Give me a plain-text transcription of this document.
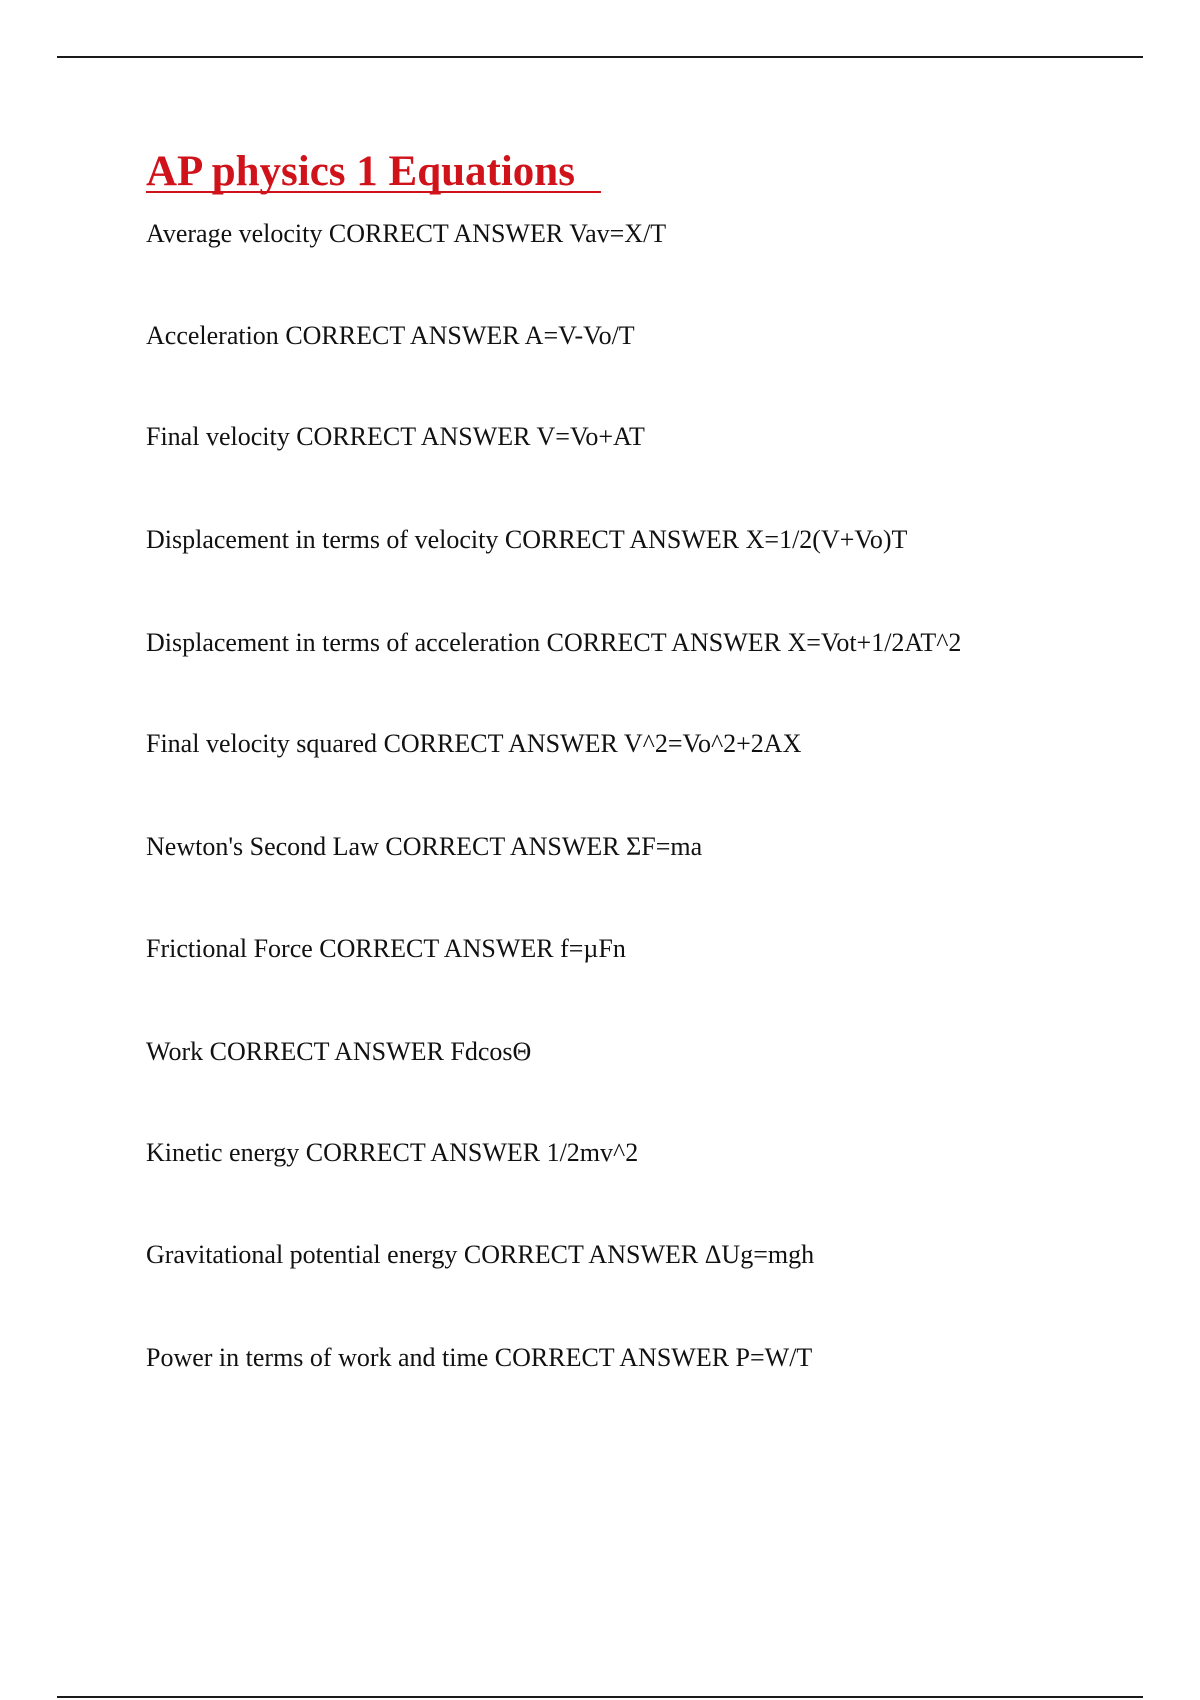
AP physics 1 Equations
Average velocity CORRECT ANSWER Vav=X/T
Acceleration CORRECT ANSWER A=V-Vo/T
Final velocity CORRECT ANSWER V=Vo+AT
Displacement in terms of velocity CORRECT ANSWER X=1/2(V+Vo)T
Displacement in terms of acceleration CORRECT ANSWER X=Vot+1/2AT^2
Final velocity squared CORRECT ANSWER V^2=Vo^2+2AX
Newton's Second Law CORRECT ANSWER ΣF=ma
Frictional Force CORRECT ANSWER f=µFn
Work CORRECT ANSWER FdcosΘ
Kinetic energy CORRECT ANSWER 1/2mv^2
Gravitational potential energy CORRECT ANSWER ΔUg=mgh
Power in terms of work and time CORRECT ANSWER P=W/T
